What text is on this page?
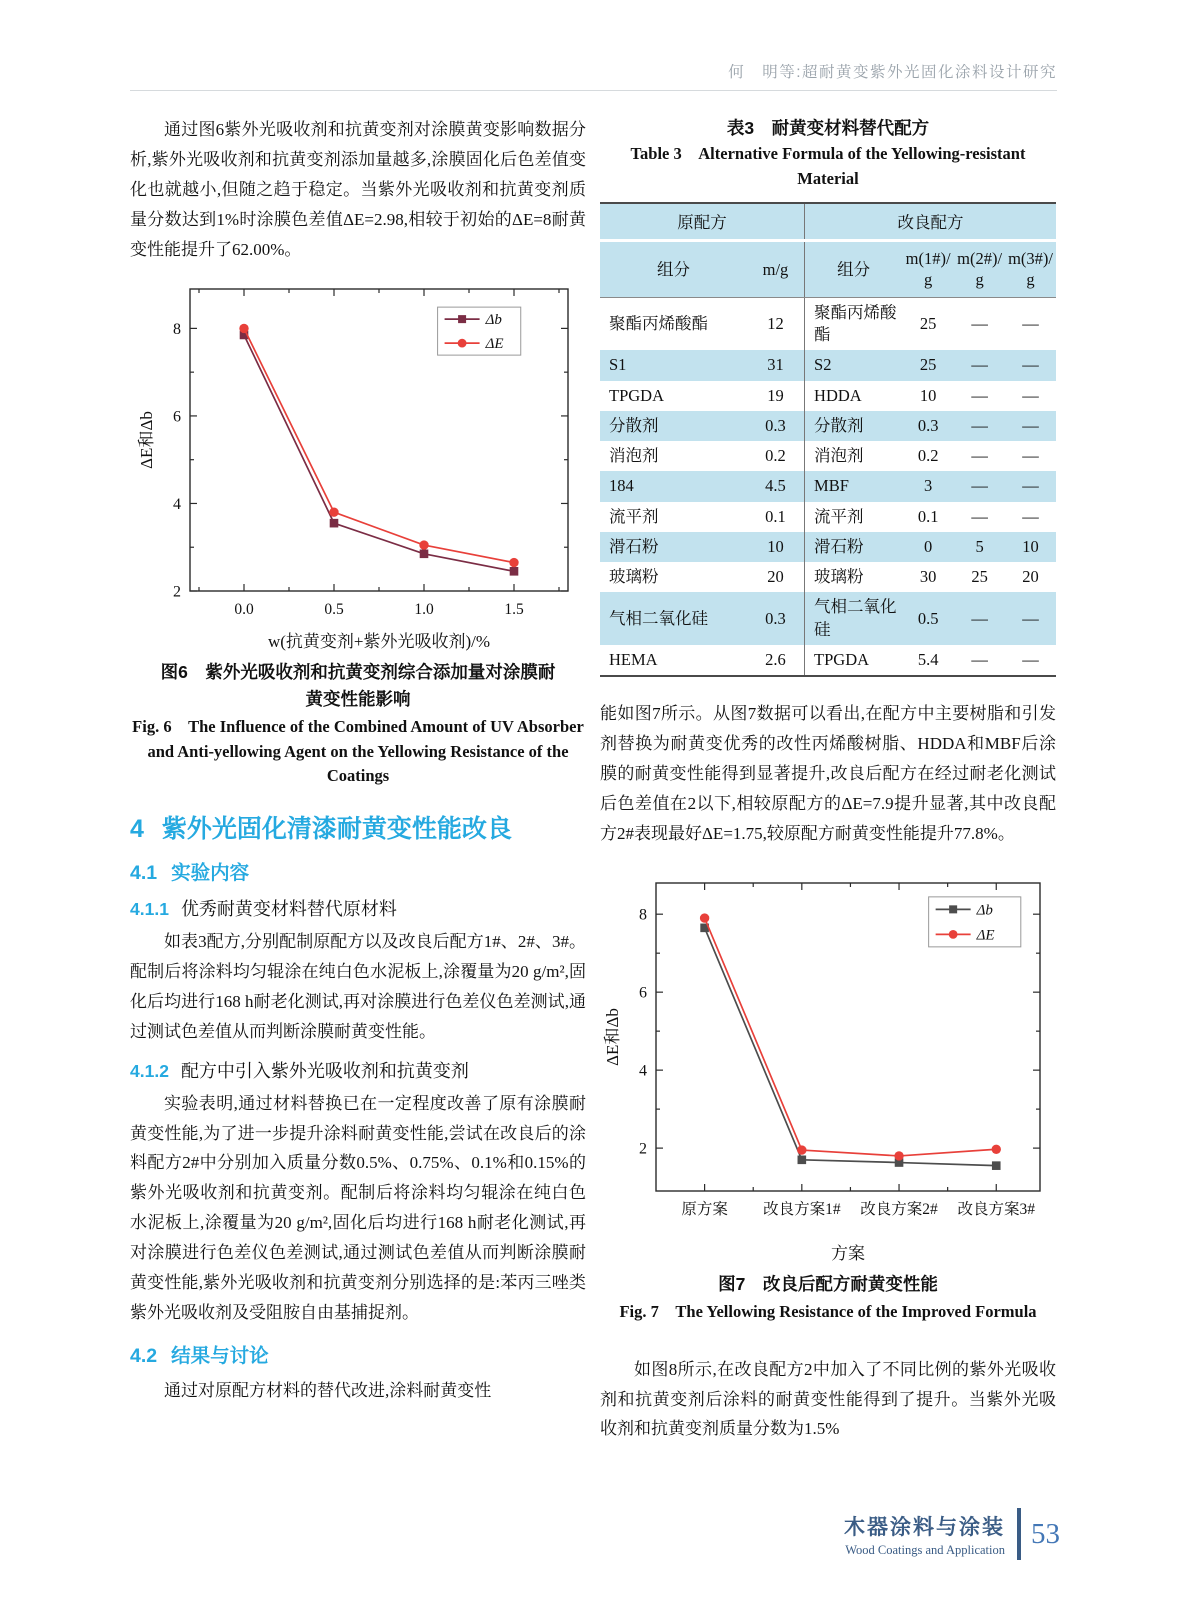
何　明等:超耐黄变紫外光固化涂料设计研究

通过图6紫外光吸收剂和抗黄变剂对涂膜黄变影响数据分析,紫外光吸收剂和抗黄变剂添加量越多,涂膜固化后色差值变化也就越小,但随之趋于稳定。当紫外光吸收剂和抗黄变剂质量分数达到1%时涂膜色差值ΔE=2.98,相较于初始的ΔE=8耐黄变性能提升了62.00%。

2
4
6
8
0.0	0.5	1.0	1.5
Δb
ΔE
ΔE和Δb
w(抗黄变剂+紫外光吸收剂)/%
图6　紫外光吸收剂和抗黄变剂综合添加量对涂膜耐黄变性能影响
Fig. 6　The Influence of the Combined Amount of UV Absorber and Anti-yellowing Agent on the Yellowing Resistance of the Coatings
4 紫外光固化清漆耐黄变性能改良
4.1 实验内容
4.1.1 优秀耐黄变材料替代原材料

如表3配方,分别配制原配方以及改良后配方1#、2#、3#。配制后将涂料均匀辊涂在纯白色水泥板上,涂覆量为20 g/m²,固化后均进行168 h耐老化测试,再对涂膜进行色差仪色差测试,通过测试色差值从而判断涂膜耐黄变性能。

4.1.2 配方中引入紫外光吸收剂和抗黄变剂

实验表明,通过材料替换已在一定程度改善了原有涂膜耐黄变性能,为了进一步提升涂料耐黄变性能,尝试在改良后的涂料配方2#中分别加入质量分数0.5%、0.75%、0.1%和0.15%的紫外光吸收剂和抗黄变剂。配制后将涂料均匀辊涂在纯白色水泥板上,涂覆量为20 g/m²,固化后均进行168 h耐老化测试,再对涂膜进行色差仪色差测试,通过测试色差值从而判断涂膜耐黄变性能,紫外光吸收剂和抗黄变剂分别选择的是:苯丙三唑类紫外光吸收剂及受阻胺自由基捕捉剂。

4.2 结果与讨论

通过对原配方材料的替代改进,涂料耐黄变性

表3　耐黄变材料替代配方
Table 3　Alternative Formula of the Yellowing-resistant Material
原配方		改良配方			
组分	m/g	组分	m(1#)/ g	m(2#)/ g	m(3#)/ g
聚酯丙烯酸酯	12	聚酯丙烯酸酯	25	—	—
S1	31	S2	25	—	—
TPGDA	19	HDDA	10	—	—
分散剂	0.3	分散剂	0.3	—	—
消泡剂	0.2	消泡剂	0.2	—	—
184	4.5	MBF	3	—	—
流平剂	0.1	流平剂	0.1	—	—
滑石粉	10	滑石粉	0	5	10
玻璃粉	20	玻璃粉	30	25	20
气相二氧化硅	0.3	气相二氧化硅	0.5	—	—
HEMA	2.6	TPGDA	5.4	—	—

能如图7所示。从图7数据可以看出,在配方中主要树脂和引发剂替换为耐黄变优秀的改性丙烯酸树脂、HDDA和MBF后涂膜的耐黄变性能得到显著提升,改良后配方在经过耐老化测试后色差值在2以下,相较原配方的ΔE=7.9提升显著,其中改良配方2#表现最好ΔE=1.75,较原配方耐黄变性能提升77.8%。

2
4
6
8
原方案 改良方案1# 改良方案2# 改良方案3#
Δb
ΔE
ΔE和Δb
方案
图7　改良后配方耐黄变性能
Fig. 7　The Yellowing Resistance of the Improved Formula

如图8所示,在改良配方2中加入了不同比例的紫外光吸收剂和抗黄变剂后涂料的耐黄变性能得到了提升。当紫外光吸收剂和抗黄变剂质量分数为1.5%

木器涂料与涂装
Wood Coatings and Application 53
